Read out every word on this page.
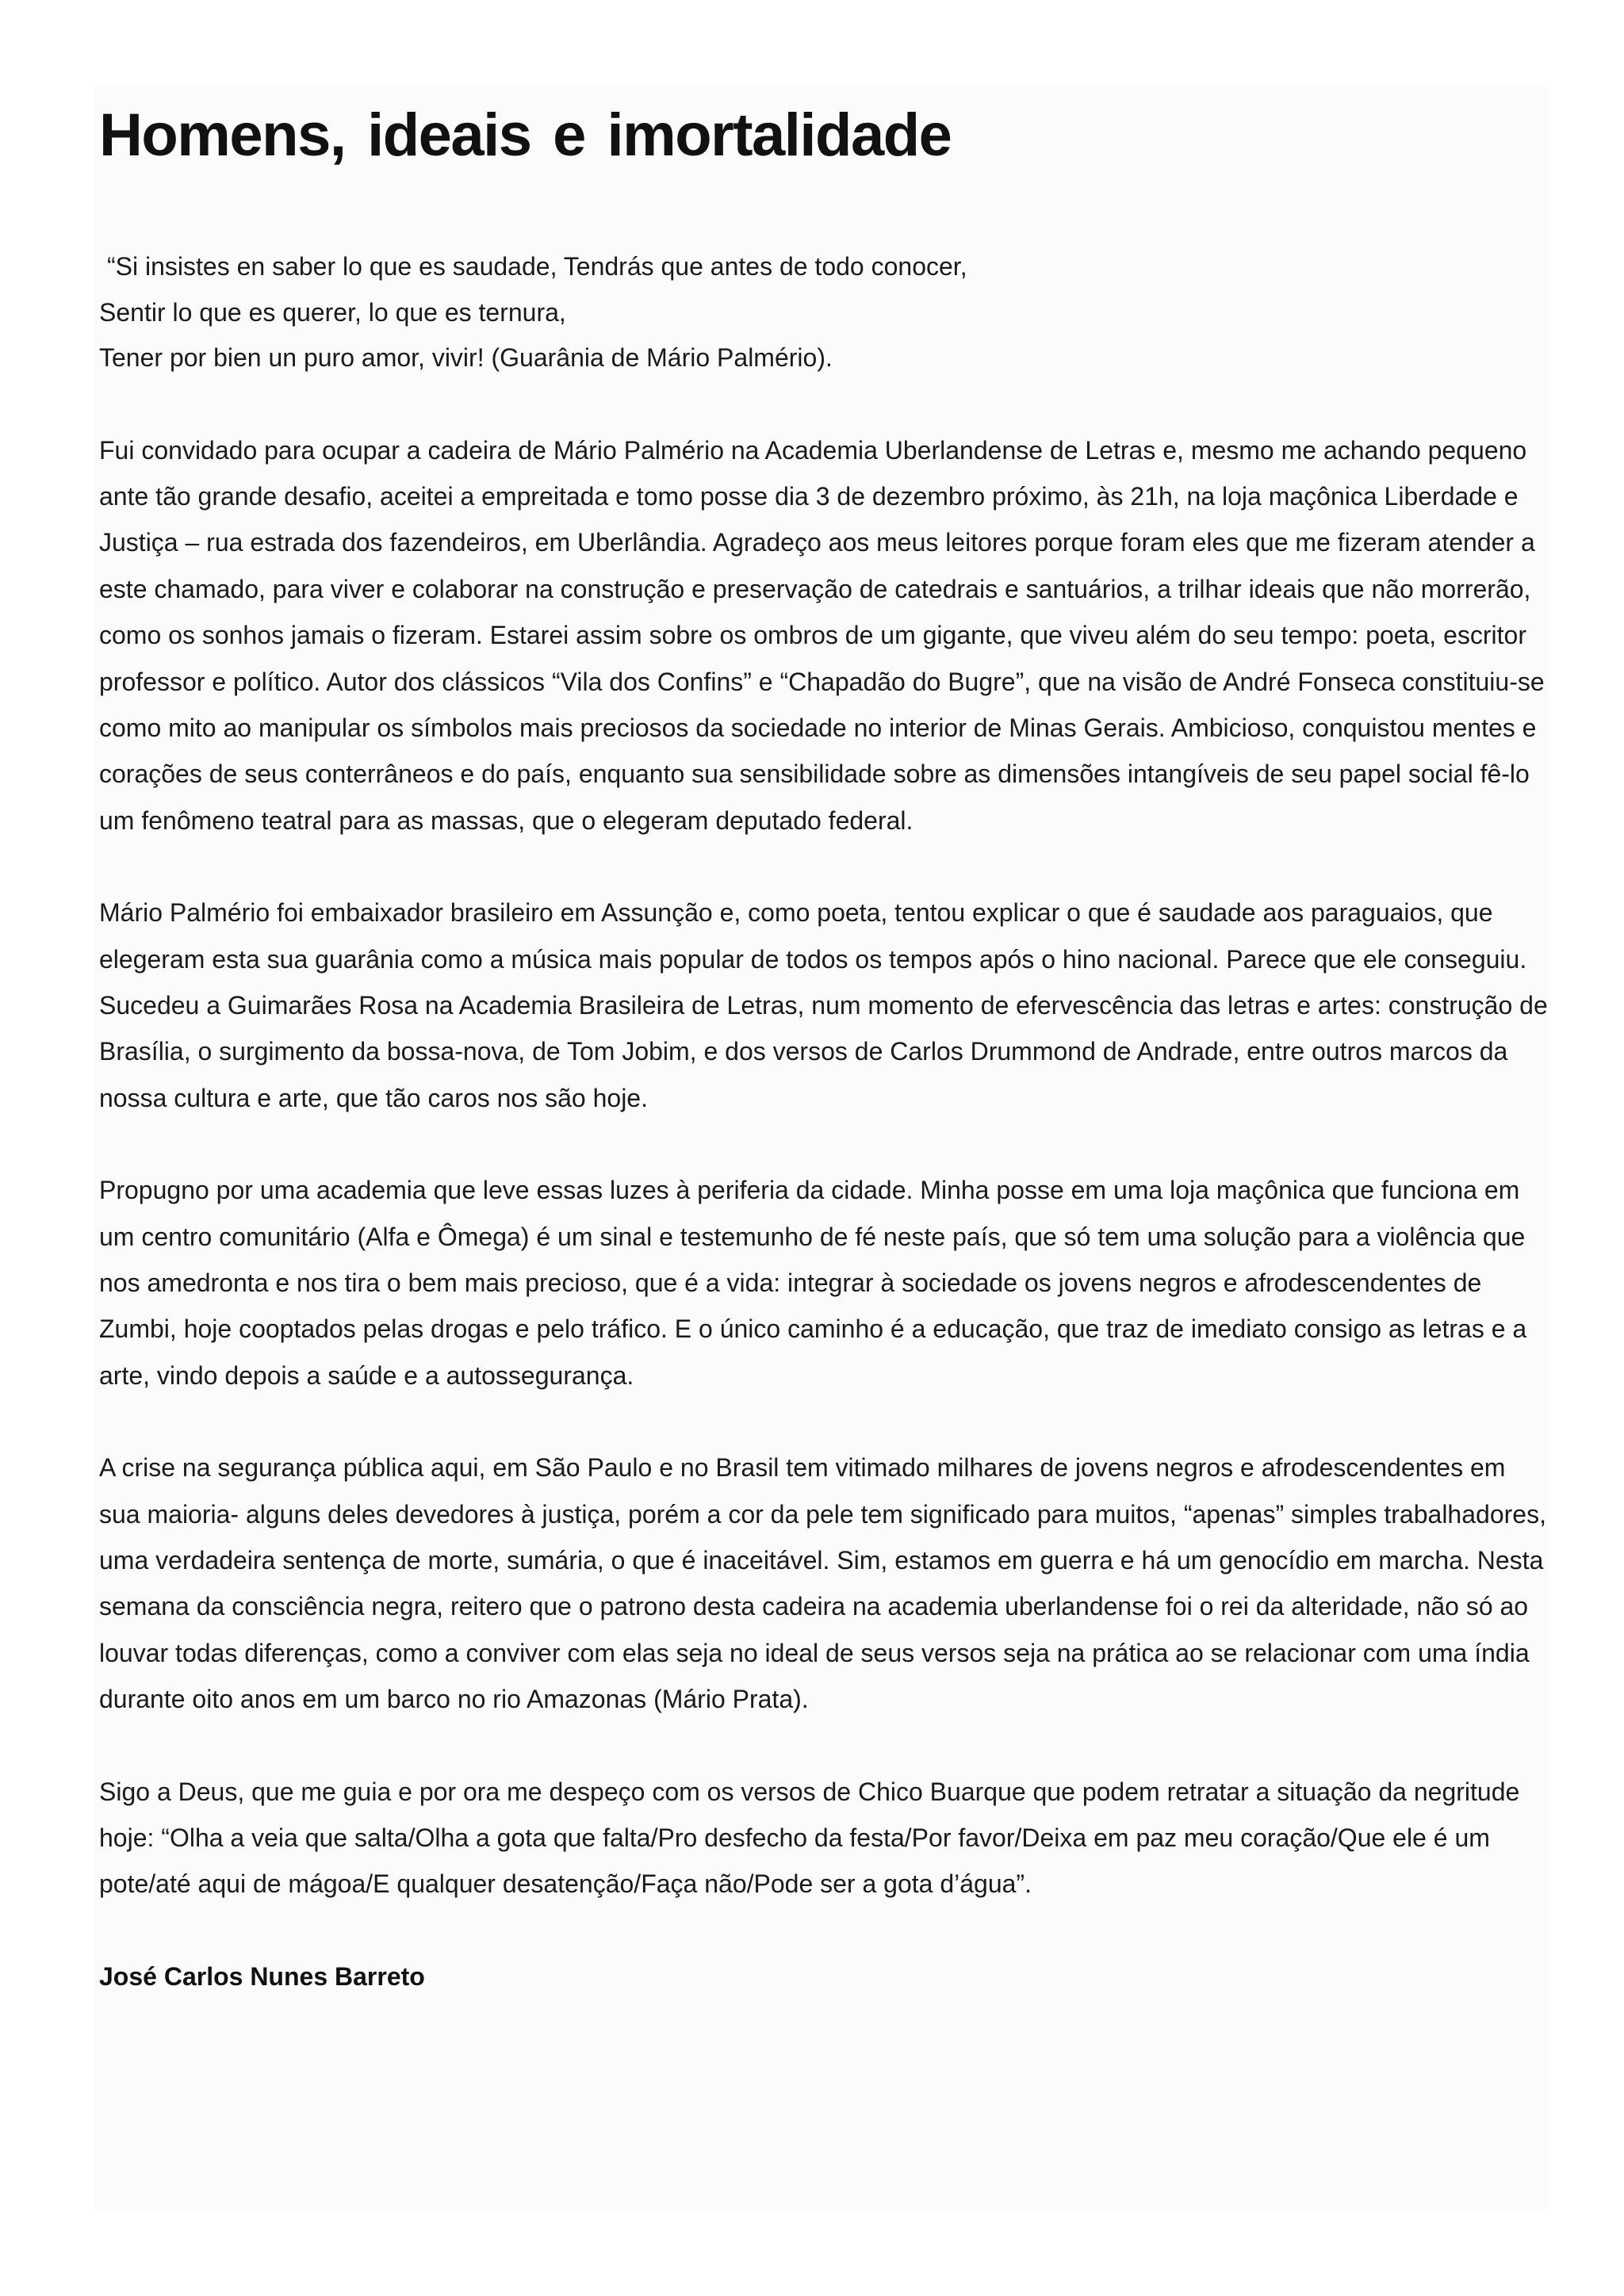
Homens, ideais e imortalidade
“Si insistes en saber lo que es saudade, Tendrás que antes de todo conocer,
Sentir lo que es querer, lo que es ternura,
Tener por bien un puro amor, vivir! (Guarânia de Mário Palmério).

Fui convidado para ocupar a cadeira de Mário Palmério na Academia Uberlandense de Letras e, mesmo me achando pequeno ante tão grande desafio, aceitei a empreitada e tomo posse dia 3 de dezembro próximo, às 21h, na loja maçônica Liberdade e Justiça – rua estrada dos fazendeiros, em Uberlândia. Agradeço aos meus leitores porque foram eles que me fizeram atender a este chamado, para viver e colaborar na construção e preservação de catedrais e santuários, a trilhar ideais que não morrerão, como os sonhos jamais o fizeram. Estarei assim sobre os ombros de um gigante, que viveu além do seu tempo: poeta, escritor professor e político. Autor dos clássicos “Vila dos Confins” e “Chapadão do Bugre”, que na visão de André Fonseca constituiu-se como mito ao manipular os símbolos mais preciosos da sociedade no interior de Minas Gerais. Ambicioso, conquistou mentes e corações de seus conterrâneos e do país, enquanto sua sensibilidade sobre as dimensões intangíveis de seu papel social fê-lo um fenômeno teatral para as massas, que o elegeram deputado federal.

Mário Palmério foi embaixador brasileiro em Assunção e, como poeta, tentou explicar o que é saudade aos paraguaios, que elegeram esta sua guarânia como a música mais popular de todos os tempos após o hino nacional. Parece que ele conseguiu. Sucedeu a Guimarães Rosa na Academia Brasileira de Letras, num momento de efervescência das letras e artes: construção de Brasília, o surgimento da bossa-nova, de Tom Jobim, e dos versos de Carlos Drummond de Andrade, entre outros marcos da nossa cultura e arte, que tão caros nos são hoje.

Propugno por uma academia que leve essas luzes à periferia da cidade. Minha posse em uma loja maçônica que funciona em um centro comunitário (Alfa e Ômega) é um sinal e testemunho de fé neste país, que só tem uma solução para a violência que nos amedronta e nos tira o bem mais precioso, que é a vida: integrar à sociedade os jovens negros e afrodescendentes de Zumbi, hoje cooptados pelas drogas e pelo tráfico. E o único caminho é a educação, que traz de imediato consigo as letras e a arte, vindo depois a saúde e a autossegurança.

A crise na segurança pública aqui, em São Paulo e no Brasil tem vitimado milhares de jovens negros e afrodescendentes em sua maioria- alguns deles devedores à justiça, porém a cor da pele tem significado para muitos, “apenas” simples trabalhadores, uma verdadeira sentença de morte, sumária, o que é inaceitável. Sim, estamos em guerra e há um genocídio em marcha. Nesta semana da consciência negra, reitero que o patrono desta cadeira na academia uberlandense foi o rei da alteridade, não só ao louvar todas diferenças, como a conviver com elas seja no ideal de seus versos seja na prática ao se relacionar com uma índia durante oito anos em um barco no rio Amazonas (Mário Prata).

Sigo a Deus, que me guia e por ora me despeço com os versos de Chico Buarque que podem retratar a situação da negritude hoje: “Olha a veia que salta/Olha a gota que falta/Pro desfecho da festa/Por favor/Deixa em paz meu coração/Que ele é um pote/até aqui de mágoa/E qualquer desatenção/Faça não/Pode ser a gota d’água”.

José Carlos Nunes Barreto
